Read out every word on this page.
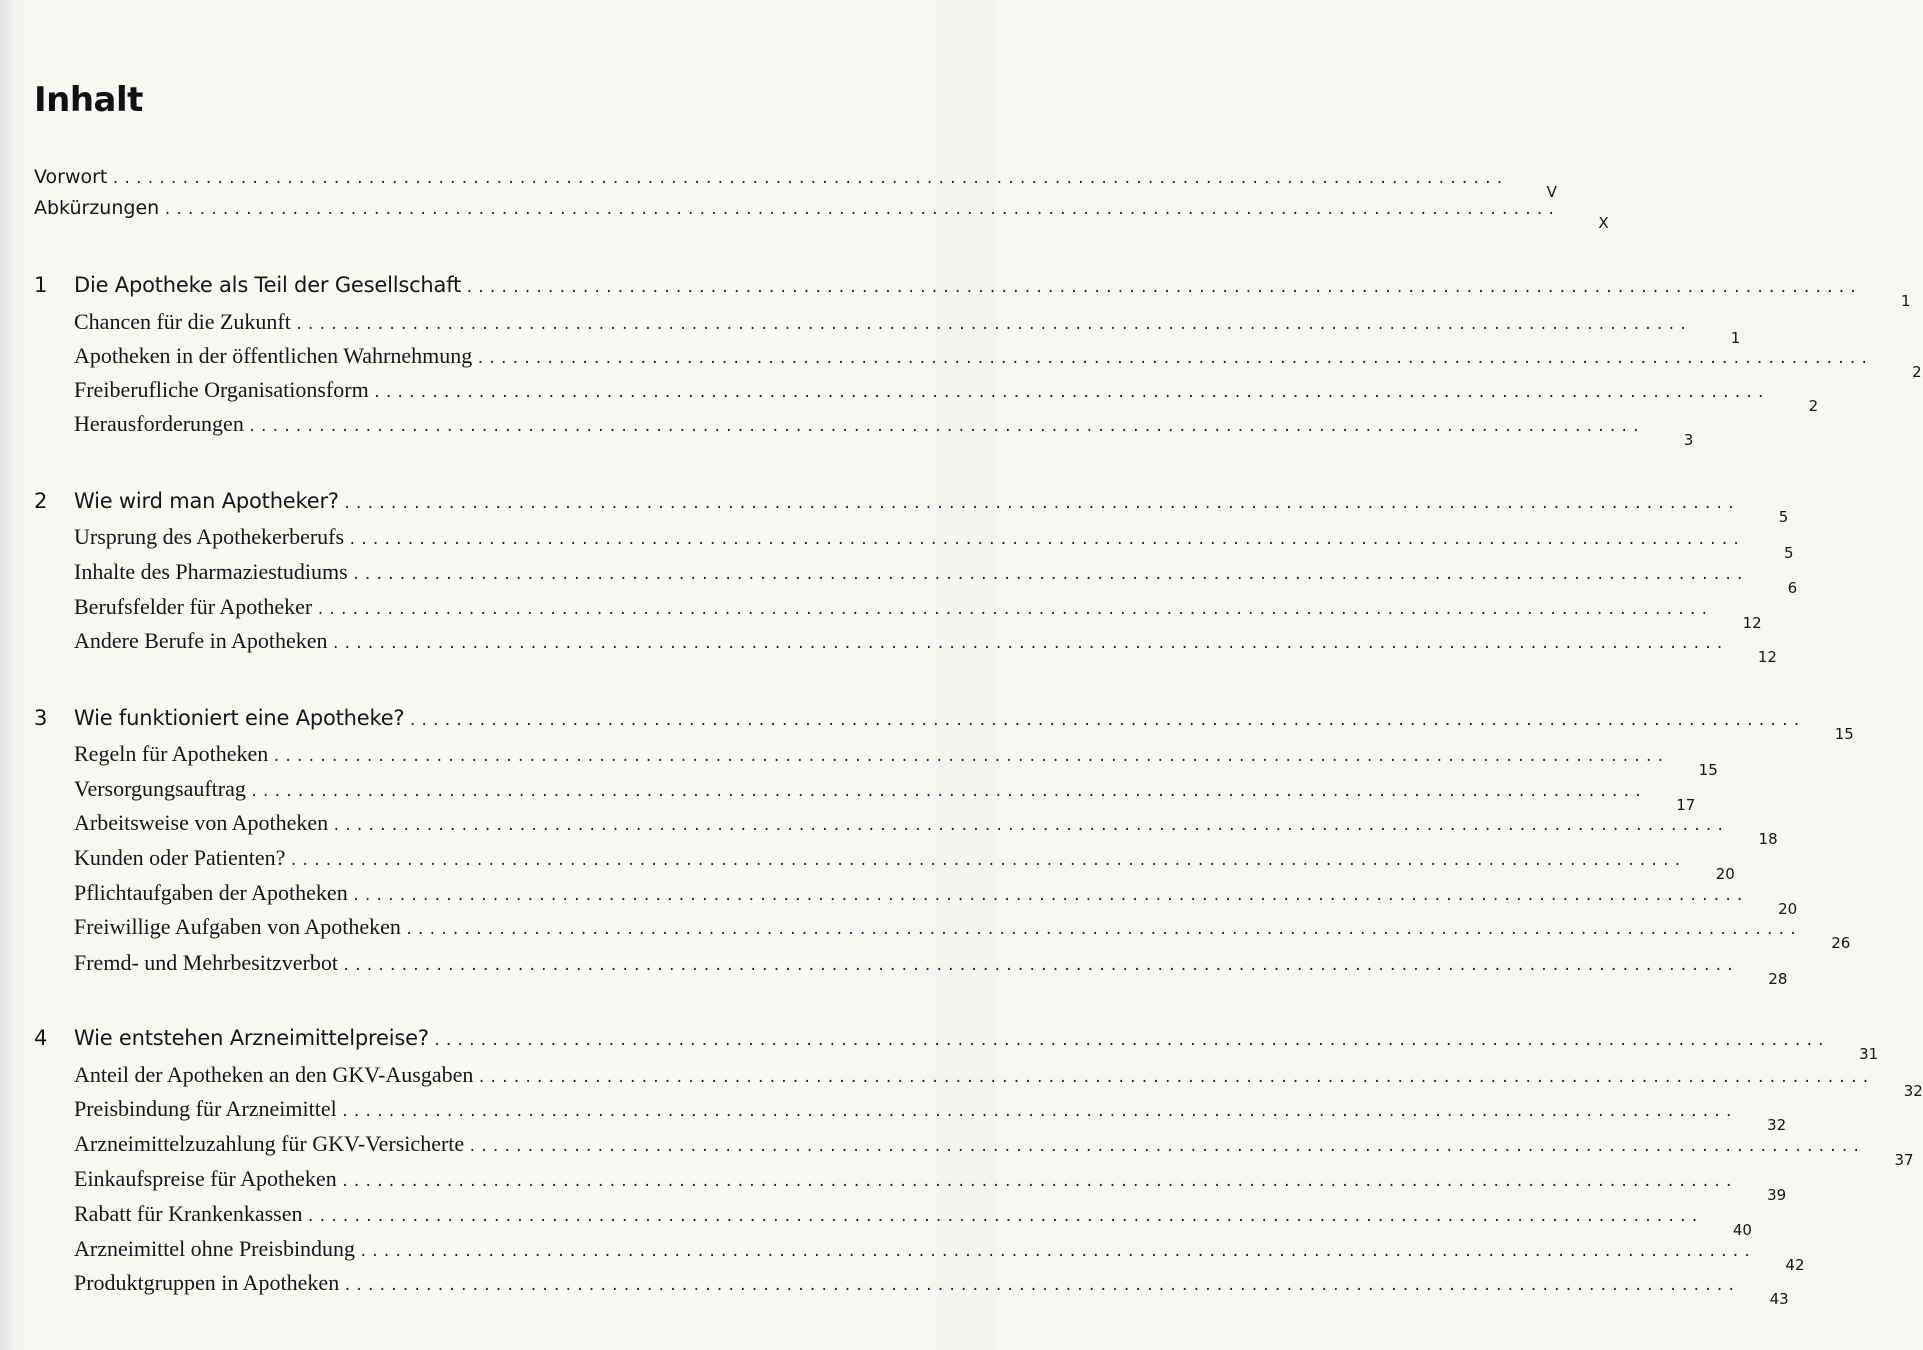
Inhalt
Vorwort ........................................................................................................................
V
Abkürzungen ........................................................................................................................
X
1 Die Apotheke als Teil der Gesellschaft ........................................................................................................................
1
Chancen für die Zukunft ........................................................................................................................
1
Apotheken in der öffentlichen Wahrnehmung ........................................................................................................................
2
Freiberufliche Organisationsform ........................................................................................................................
2
Herausforderungen ........................................................................................................................
3
2 Wie wird man Apotheker? ........................................................................................................................
5
Ursprung des Apothekerberufs ........................................................................................................................
5
Inhalte des Pharmaziestudiums ........................................................................................................................
6
Berufsfelder für Apotheker ........................................................................................................................
12
Andere Berufe in Apotheken ........................................................................................................................
12
3 Wie funktioniert eine Apotheke? ........................................................................................................................
15
Regeln für Apotheken ........................................................................................................................
15
Versorgungsauftrag ........................................................................................................................
17
Arbeitsweise von Apotheken ........................................................................................................................
18
Kunden oder Patienten? ........................................................................................................................
20
Pflichtaufgaben der Apotheken ........................................................................................................................
20
Freiwillige Aufgaben von Apotheken ........................................................................................................................
26
Fremd- und Mehrbesitzverbot ........................................................................................................................
28
4 Wie entstehen Arzneimittelpreise? ........................................................................................................................
31
Anteil der Apotheken an den GKV-Ausgaben ........................................................................................................................
32
Preisbindung für Arzneimittel ........................................................................................................................
32
Arzneimittelzuzahlung für GKV-Versicherte ........................................................................................................................
37
Einkaufspreise für Apotheken ........................................................................................................................
39
Rabatt für Krankenkassen ........................................................................................................................
40
Arzneimittel ohne Preisbindung ........................................................................................................................
42
Produktgruppen in Apotheken ........................................................................................................................
43
